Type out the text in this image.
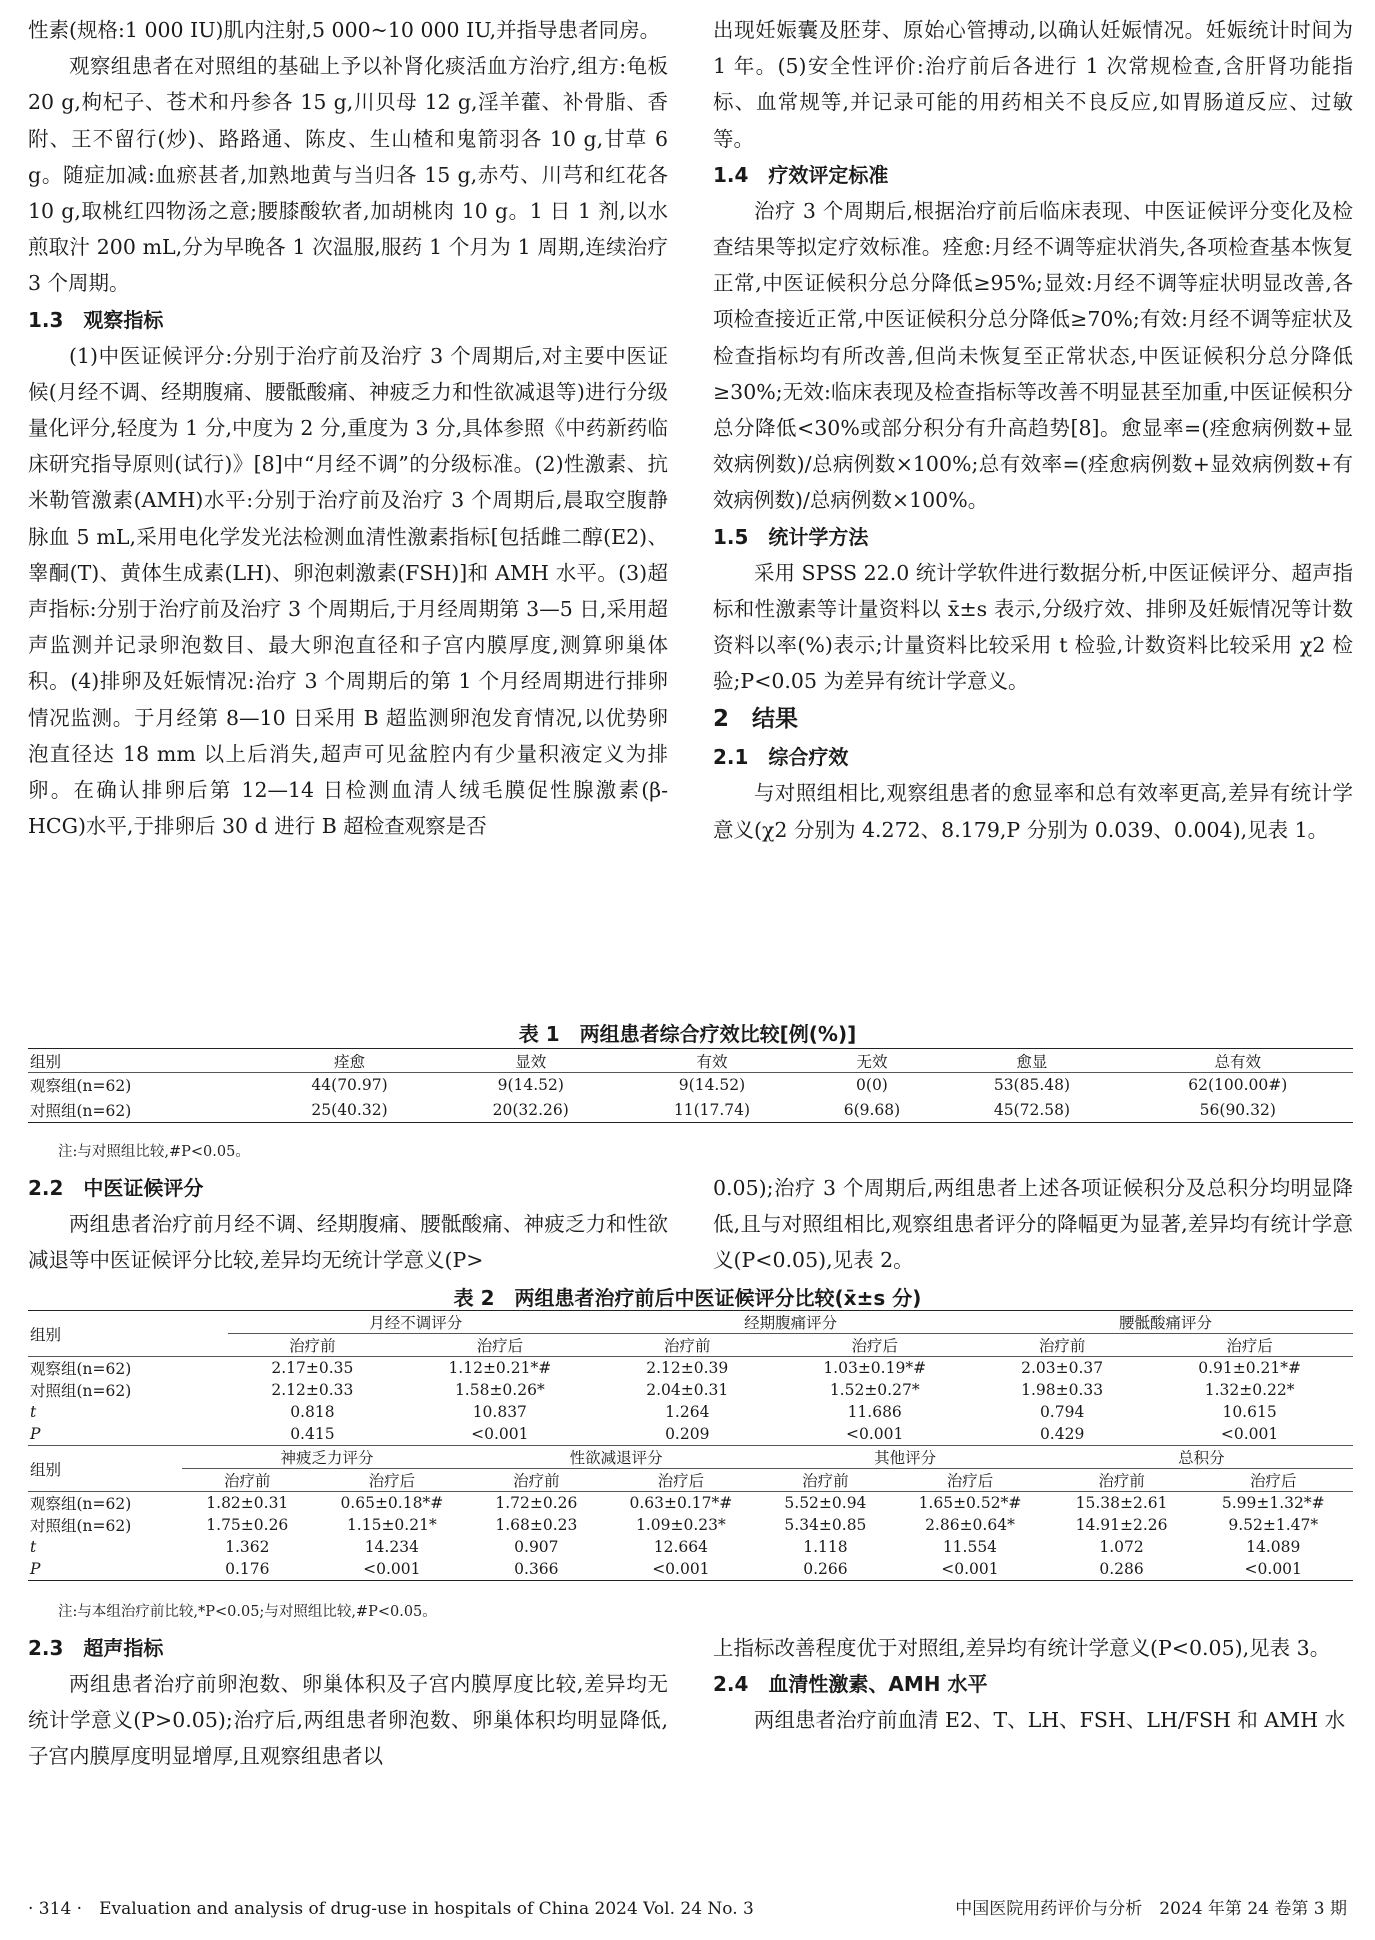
性素(规格:1 000 IU)肌内注射,5 000~10 000 IU,并指导患者同房。

观察组患者在对照组的基础上予以补肾化痰活血方治疗,组方:龟板 20 g,枸杞子、苍术和丹参各 15 g,川贝母 12 g,淫羊藿、补骨脂、香附、王不留行(炒)、路路通、陈皮、生山楂和鬼箭羽各 10 g,甘草 6 g。随症加减:血瘀甚者,加熟地黄与当归各 15 g,赤芍、川芎和红花各 10 g,取桃红四物汤之意;腰膝酸软者,加胡桃肉 10 g。1 日 1 剂,以水煎取汁 200 mL,分为早晚各 1 次温服,服药 1 个月为 1 周期,连续治疗 3 个周期。

1.3　观察指标

(1)中医证候评分:分别于治疗前及治疗 3 个周期后,对主要中医证候(月经不调、经期腹痛、腰骶酸痛、神疲乏力和性欲减退等)进行分级量化评分,轻度为 1 分,中度为 2 分,重度为 3 分,具体参照《中药新药临床研究指导原则(试行)》[8]中“月经不调”的分级标准。(2)性激素、抗米勒管激素(AMH)水平:分别于治疗前及治疗 3 个周期后,晨取空腹静脉血 5 mL,采用电化学发光法检测血清性激素指标[包括雌二醇(E2)、睾酮(T)、黄体生成素(LH)、卵泡刺激素(FSH)]和 AMH 水平。(3)超声指标:分别于治疗前及治疗 3 个周期后,于月经周期第 3—5 日,采用超声监测并记录卵泡数目、最大卵泡直径和子宫内膜厚度,测算卵巢体积。(4)排卵及妊娠情况:治疗 3 个周期后的第 1 个月经周期进行排卵情况监测。于月经第 8—10 日采用 B 超监测卵泡发育情况,以优势卵泡直径达 18 mm 以上后消失,超声可见盆腔内有少量积液定义为排卵。在确认排卵后第 12—14 日检测血清人绒毛膜促性腺激素(β-HCG)水平,于排卵后 30 d 进行 B 超检查观察是否

出现妊娠囊及胚芽、原始心管搏动,以确认妊娠情况。妊娠统计时间为 1 年。(5)安全性评价:治疗前后各进行 1 次常规检查,含肝肾功能指标、血常规等,并记录可能的用药相关不良反应,如胃肠道反应、过敏等。

1.4　疗效评定标准

治疗 3 个周期后,根据治疗前后临床表现、中医证候评分变化及检查结果等拟定疗效标准。痊愈:月经不调等症状消失,各项检查基本恢复正常,中医证候积分总分降低≥95%;显效:月经不调等症状明显改善,各项检查接近正常,中医证候积分总分降低≥70%;有效:月经不调等症状及检查指标均有所改善,但尚未恢复至正常状态,中医证候积分总分降低≥30%;无效:临床表现及检查指标等改善不明显甚至加重,中医证候积分总分降低<30%或部分积分有升高趋势[8]。愈显率=(痊愈病例数+显效病例数)/总病例数×100%;总有效率=(痊愈病例数+显效病例数+有效病例数)/总病例数×100%。

1.5　统计学方法

采用 SPSS 22.0 统计学软件进行数据分析,中医证候评分、超声指标和性激素等计量资料以 x̄±s 表示,分级疗效、排卵及妊娠情况等计数资料以率(%)表示;计量资料比较采用 t 检验,计数资料比较采用 χ2 检验;P<0.05 为差异有统计学意义。

2　结果
2.1　综合疗效

与对照组相比,观察组患者的愈显率和总有效率更高,差异有统计学意义(χ2 分别为 4.272、8.179,P 分别为 0.039、0.004),见表 1。

表 1　两组患者综合疗效比较[例(%)]
组别	痊愈	显效	有效	无效	愈显	总有效
观察组(n=62)	44(70.97)	9(14.52)	9(14.52)	0(0)	53(85.48)	62(100.00#)
对照组(n=62)	25(40.32)	20(32.26)	11(17.74)	6(9.68)	45(72.58)	56(90.32)
注:与对照组比较,#P<0.05。
2.2　中医证候评分

两组患者治疗前月经不调、经期腹痛、腰骶酸痛、神疲乏力和性欲减退等中医证候评分比较,差异均无统计学意义(P>

0.05);治疗 3 个周期后,两组患者上述各项证候积分及总积分均明显降低,且与对照组相比,观察组患者评分的降幅更为显著,差异均有统计学意义(P<0.05),见表 2。

表 2　两组患者治疗前后中医证候评分比较(x̄±s 分)
组别	月经不调评分		经期腹痛评分		腰骶酸痛评分	
	治疗前	治疗后	治疗前	治疗后	治疗前	治疗后
观察组(n=62)	2.17±0.35	1.12±0.21*#	2.12±0.39	1.03±0.19*#	2.03±0.37	0.91±0.21*#
对照组(n=62)	2.12±0.33	1.58±0.26*	2.04±0.31	1.52±0.27*	1.98±0.33	1.32±0.22*
t	0.818	10.837	1.264	11.686	0.794	10.615
P	0.415	<0.001	0.209	<0.001	0.429	<0.001
组别	神疲乏力评分		性欲减退评分		其他评分		总积分	
	治疗前	治疗后	治疗前	治疗后	治疗前	治疗后	治疗前	治疗后
观察组(n=62)	1.82±0.31	0.65±0.18*#	1.72±0.26	0.63±0.17*#	5.52±0.94	1.65±0.52*#	15.38±2.61	5.99±1.32*#
对照组(n=62)	1.75±0.26	1.15±0.21*	1.68±0.23	1.09±0.23*	5.34±0.85	2.86±0.64*	14.91±2.26	9.52±1.47*
t	1.362	14.234	0.907	12.664	1.118	11.554	1.072	14.089
P	0.176	<0.001	0.366	<0.001	0.266	<0.001	0.286	<0.001
注:与本组治疗前比较,*P<0.05;与对照组比较,#P<0.05。
2.3　超声指标

两组患者治疗前卵泡数、卵巢体积及子宫内膜厚度比较,差异均无统计学意义(P>0.05);治疗后,两组患者卵泡数、卵巢体积均明显降低,子宫内膜厚度明显增厚,且观察组患者以

上指标改善程度优于对照组,差异均有统计学意义(P<0.05),见表 3。

2.4　血清性激素、AMH 水平

两组患者治疗前血清 E2、T、LH、FSH、LH/FSH 和 AMH 水

· 314 ·　Evaluation and analysis of drug-use in hospitals of China 2024 Vol. 24 No. 3	中国医院用药评价与分析　2024 年第 24 卷第 3 期
